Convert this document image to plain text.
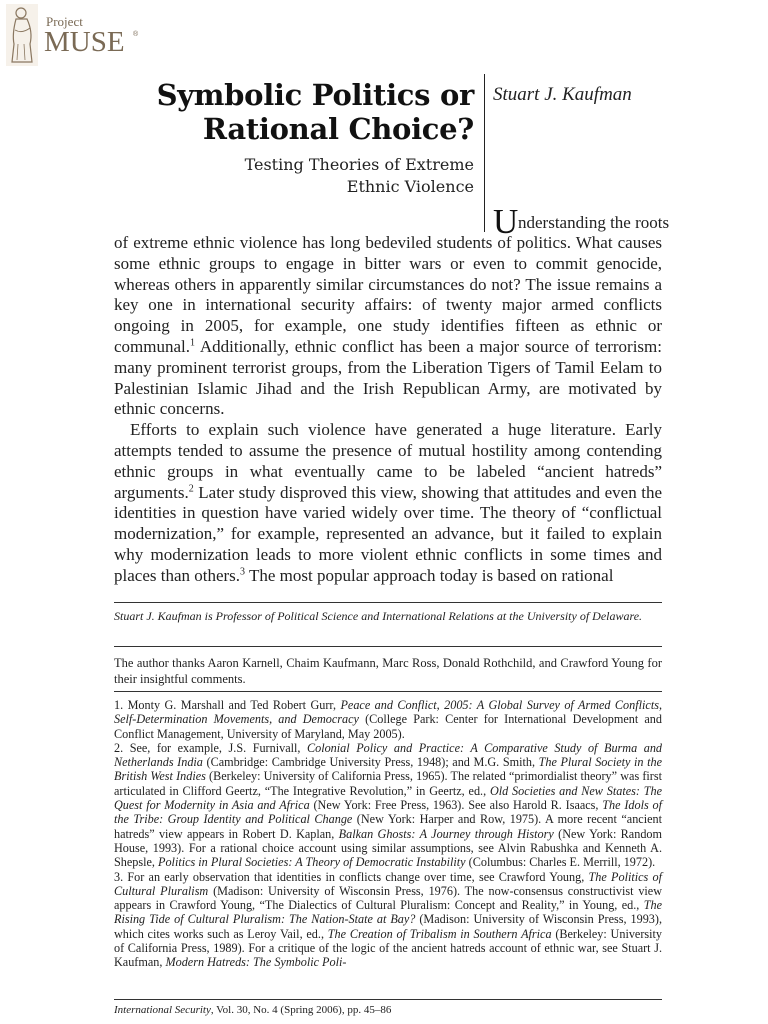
Project
MUSE ®
Symbolic Politics or
Rational Choice?
Testing Theories of Extreme
Ethnic Violence
Stuart J. Kaufman
U nderstanding the roots

of extreme ethnic violence has long bedeviled students of politics. What causes some ethnic groups to engage in bitter wars or even to commit genocide, whereas others in apparently similar circumstances do not? The issue remains a key one in international security affairs: of twenty major armed conflicts ongoing in 2005, for example, one study identifies fifteen as ethnic or communal.$^1$ Additionally, ethnic conflict has been a major source of terrorism: many prominent terrorist groups, from the Liberation Tigers of Tamil Eelam to Palestinian Islamic Jihad and the Irish Republican Army, are motivated by ethnic concerns.

Efforts to explain such violence have generated a huge literature. Early attempts tended to assume the presence of mutual hostility among contending ethnic groups in what eventually came to be labeled “ancient hatreds” arguments.$^2$ Later study disproved this view, showing that attitudes and even the identities in question have varied widely over time. The theory of “conflictual modernization,” for example, represented an advance, but it failed to explain why modernization leads to more violent ethnic conflicts in some times and places than others.$^3$ The most popular approach today is based on rational

Stuart J. Kaufman is Professor of Political Science and International Relations at the University of Delaware.
The author thanks Aaron Karnell, Chaim Kaufmann, Marc Ross, Donald Rothchild, and Crawford Young for their insightful comments.

1. Monty G. Marshall and Ted Robert Gurr, Peace and Conflict, 2005: A Global Survey of Armed Conflicts, Self-Determination Movements, and Democracy (College Park: Center for International Development and Conflict Management, University of Maryland, May 2005).

2. See, for example, J.S. Furnivall, Colonial Policy and Practice: A Comparative Study of Burma and Netherlands India (Cambridge: Cambridge University Press, 1948); and M.G. Smith, The Plural Society in the British West Indies (Berkeley: University of California Press, 1965). The related “primordialist theory” was first articulated in Clifford Geertz, “The Integrative Revolution,” in Geertz, ed., Old Societies and New States: The Quest for Modernity in Asia and Africa (New York: Free Press, 1963). See also Harold R. Isaacs, The Idols of the Tribe: Group Identity and Political Change (New York: Harper and Row, 1975). A more recent “ancient hatreds” view appears in Robert D. Kaplan, Balkan Ghosts: A Journey through History (New York: Random House, 1993). For a rational choice account using similar assumptions, see Alvin Rabushka and Kenneth A. Shepsle, Politics in Plural Societies: A Theory of Democratic Instability (Columbus: Charles E. Merrill, 1972).

3. For an early observation that identities in conflicts change over time, see Crawford Young, The Politics of Cultural Pluralism (Madison: University of Wisconsin Press, 1976). The now-consensus constructivist view appears in Crawford Young, “The Dialectics of Cultural Pluralism: Concept and Reality,” in Young, ed., The Rising Tide of Cultural Pluralism: The Nation-State at Bay? (Madison: University of Wisconsin Press, 1993), which cites works such as Leroy Vail, ed., The Creation of Tribalism in Southern Africa (Berkeley: University of California Press, 1989). For a critique of the logic of the ancient hatreds account of ethnic war, see Stuart J. Kaufman, Modern Hatreds: The Symbolic Poli-

International Security, Vol. 30, No. 4 (Spring 2006), pp. 45–86
